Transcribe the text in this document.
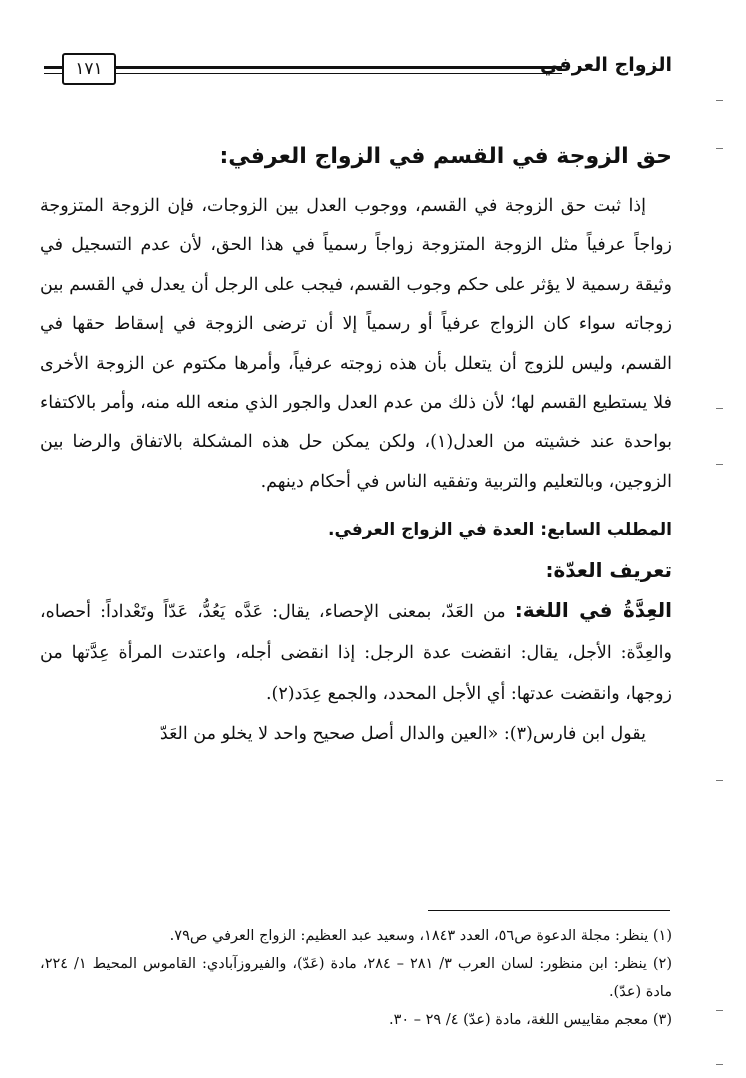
الزواج العرفي
١٧١
حق الزوجة في القسم في الزواج العرفي:

إذا ثبت حق الزوجة في القسم، ووجوب العدل بين الزوجات، فإن الزوجة المتزوجة زواجاً عرفياً مثل الزوجة المتزوجة زواجاً رسمياً في هذا الحق، لأن عدم التسجيل في وثيقة رسمية لا يؤثر على حكم وجوب القسم، فيجب على الرجل أن يعدل في القسم بين زوجاته سواء كان الزواج عرفياً أو رسمياً إلا أن ترضى الزوجة في إسقاط حقها في القسم، وليس للزوج أن يتعلل بأن هذه زوجته عرفياً، وأمرها مكتوم عن الزوجة الأخرى فلا يستطيع القسم لها؛ لأن ذلك من عدم العدل والجور الذي منعه الله منه، وأمر بالاكتفاء بواحدة عند خشيته من العدل(١)، ولكن يمكن حل هذه المشكلة بالاتفاق والرضا بين الزوجين، وبالتعليم والتربية وتفقيه الناس في أحكام دينهم.

المطلب السابع: العدة في الزواج العرفي.
تعريف العدّة:

العِدَّةُ في اللغة: من العَدّ، بمعنى الإحصاء، يقال: عَدَّه يَعُدُّ، عَدّاً وتَعْداداً: أحصاه، والعِدَّة: الأجل، يقال: انقضت عدة الرجل: إذا انقضى أجله، واعتدت المرأة عِدَّتها من زوجها، وانقضت عدتها: أي الأجل المحدد، والجمع عِدَد(٢).

يقول ابن فارس(٣): «العين والدال أصل صحيح واحد لا يخلو من العَدّ

(١) ينظر: مجلة الدعوة ص٥٦، العدد ١٨٤٣، وسعيد عبد العظيم: الزواج العرفي ص٧٩.

(٢) ينظر: ابن منظور: لسان العرب ٣/ ٢٨١ – ٢٨٤، مادة (عَدّ)، والفيروزآبادي: القاموس المحيط ١/ ٢٢٤، مادة (عدّ).

(٣) معجم مقاييس اللغة، مادة (عدّ) ٤/ ٢٩ – ٣٠.
